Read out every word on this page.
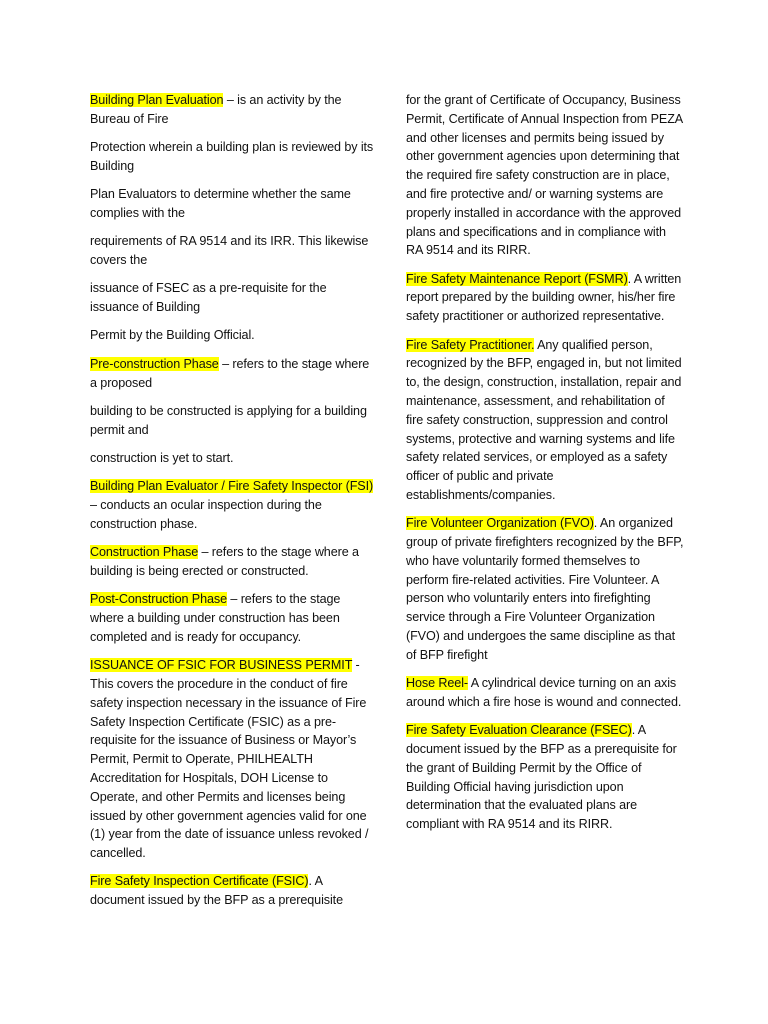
Building Plan Evaluation – is an activity by the Bureau of Fire

Protection wherein a building plan is reviewed by its Building

Plan Evaluators to determine whether the same complies with the

requirements of RA 9514 and its IRR. This likewise covers the

issuance of FSEC as a pre-requisite for the issuance of Building

Permit by the Building Official.

Pre-construction Phase – refers to the stage where a proposed

building to be constructed is applying for a building permit and

construction is yet to start.

Building Plan Evaluator / Fire Safety Inspector (FSI) – conducts an ocular inspection during the construction phase.

Construction Phase – refers to the stage where a building is being erected or constructed.

Post-Construction Phase – refers to the stage where a building under construction has been completed and is ready for occupancy.

ISSUANCE OF FSIC FOR BUSINESS PERMIT - This covers the procedure in the conduct of fire safety inspection necessary in the issuance of Fire Safety Inspection Certificate (FSIC) as a pre-requisite for the issuance of Business or Mayor’s Permit, Permit to Operate, PHILHEALTH Accreditation for Hospitals, DOH License to Operate, and other Permits and licenses being issued by other government agencies valid for one (1) year from the date of issuance unless revoked / cancelled.

Fire Safety Inspection Certificate (FSIC). A document issued by the BFP as a prerequisite

for the grant of Certificate of Occupancy, Business Permit, Certificate of Annual Inspection from PEZA and other licenses and permits being issued by other government agencies upon determining that the required fire safety construction are in place, and fire protective and/ or warning systems are properly installed in accordance with the approved plans and specifications and in compliance with RA 9514 and its RIRR.

Fire Safety Maintenance Report (FSMR). A written report prepared by the building owner, his/her fire safety practitioner or authorized representative.

Fire Safety Practitioner. Any qualified person, recognized by the BFP, engaged in, but not limited to, the design, construction, installation, repair and maintenance, assessment, and rehabilitation of fire safety construction, suppression and control systems, protective and warning systems and life safety related services, or employed as a safety officer of public and private establishments/companies.

Fire Volunteer Organization (FVO). An organized group of private firefighters recognized by the BFP, who have voluntarily formed themselves to perform fire-related activities. Fire Volunteer. A person who voluntarily enters into firefighting service through a Fire Volunteer Organization (FVO) and undergoes the same discipline as that of BFP firefight

Hose Reel- A cylindrical device turning on an axis around which a fire hose is wound and connected.

Fire Safety Evaluation Clearance (FSEC). A document issued by the BFP as a prerequisite for the grant of Building Permit by the Office of Building Official having jurisdiction upon determination that the evaluated plans are compliant with RA 9514 and its RIRR.
